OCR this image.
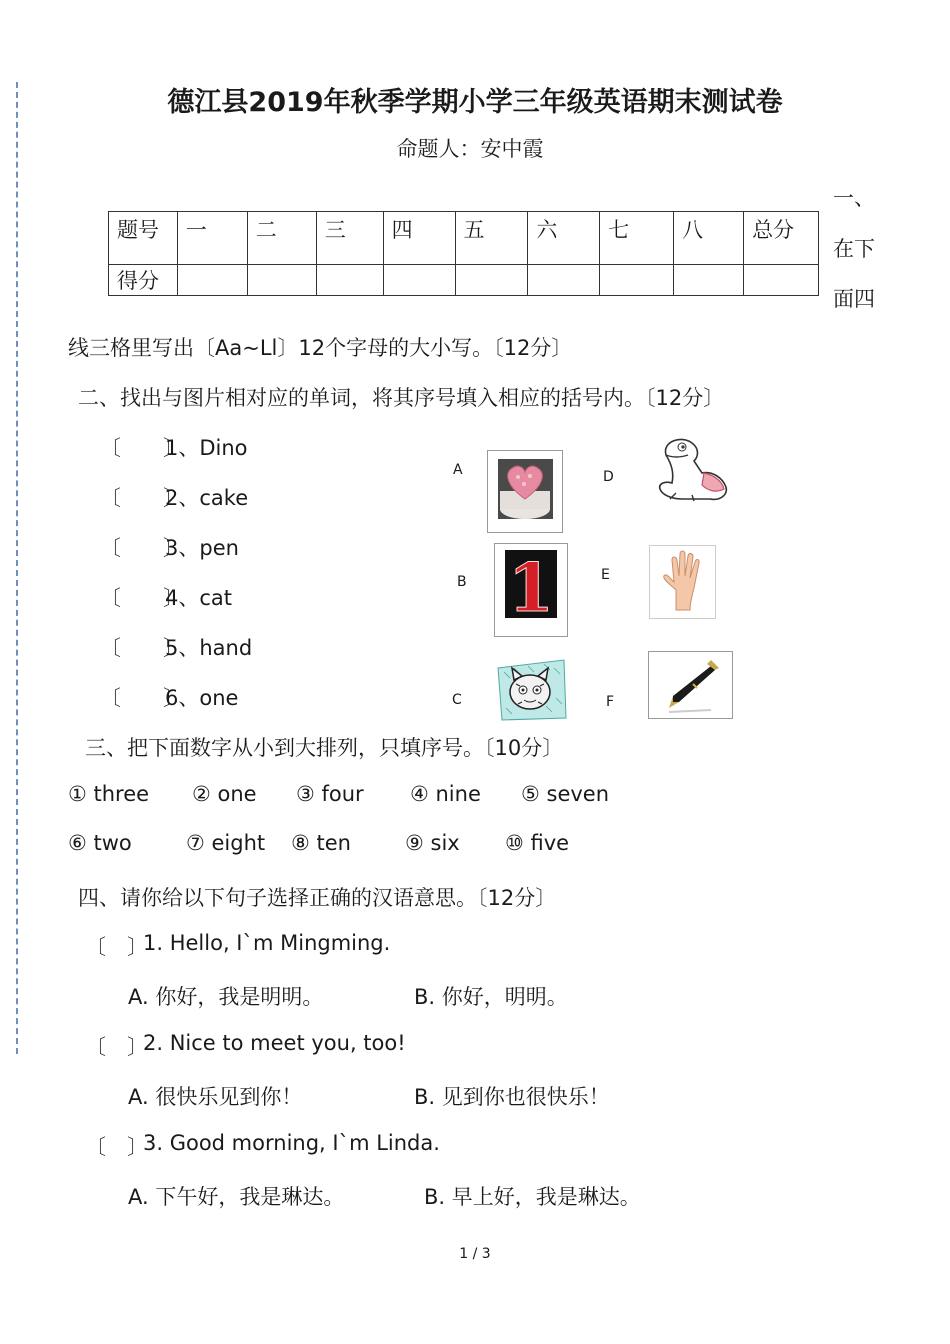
德江县2019年秋季学期小学三年级英语期末测试卷
命题人：安中霞
一、
在下
面四
题号	一	二	三	四	五	六	七	八	总分
得分									
线三格里写出〔Aa~Ll〕12个字母的大小写。〔12分〕
二、找出与图片相对应的单词，将其序号填入相应的括号内。〔12分〕
〔　　〕
1、Dino
〔　　〕
2、cake
〔　　〕
3、pen
〔　　〕
4、cat
〔　　〕
5、hand
〔　　〕
6、one
A
B
C
D
E
F
1
三、把下面数字从小到大排列，只填序号。〔10分〕
① three ② one ③ four ④ nine ⑤ seven
⑥ two	⑦ eight ⑧ ten	⑨ six ⑩ five
四、请你给以下句子选择正确的汉语意思。〔12分〕
〔　〕
1. Hello, I`m Mingming.
A. 你好，我是明明。	B. 你好，明明。
〔　〕
2. Nice to meet you, too!
A. 很快乐见到你！	B. 见到你也很快乐！
〔　〕
3. Good morning, I`m Linda.
A. 下午好，我是琳达。	B. 早上好，我是琳达。
1 / 3
